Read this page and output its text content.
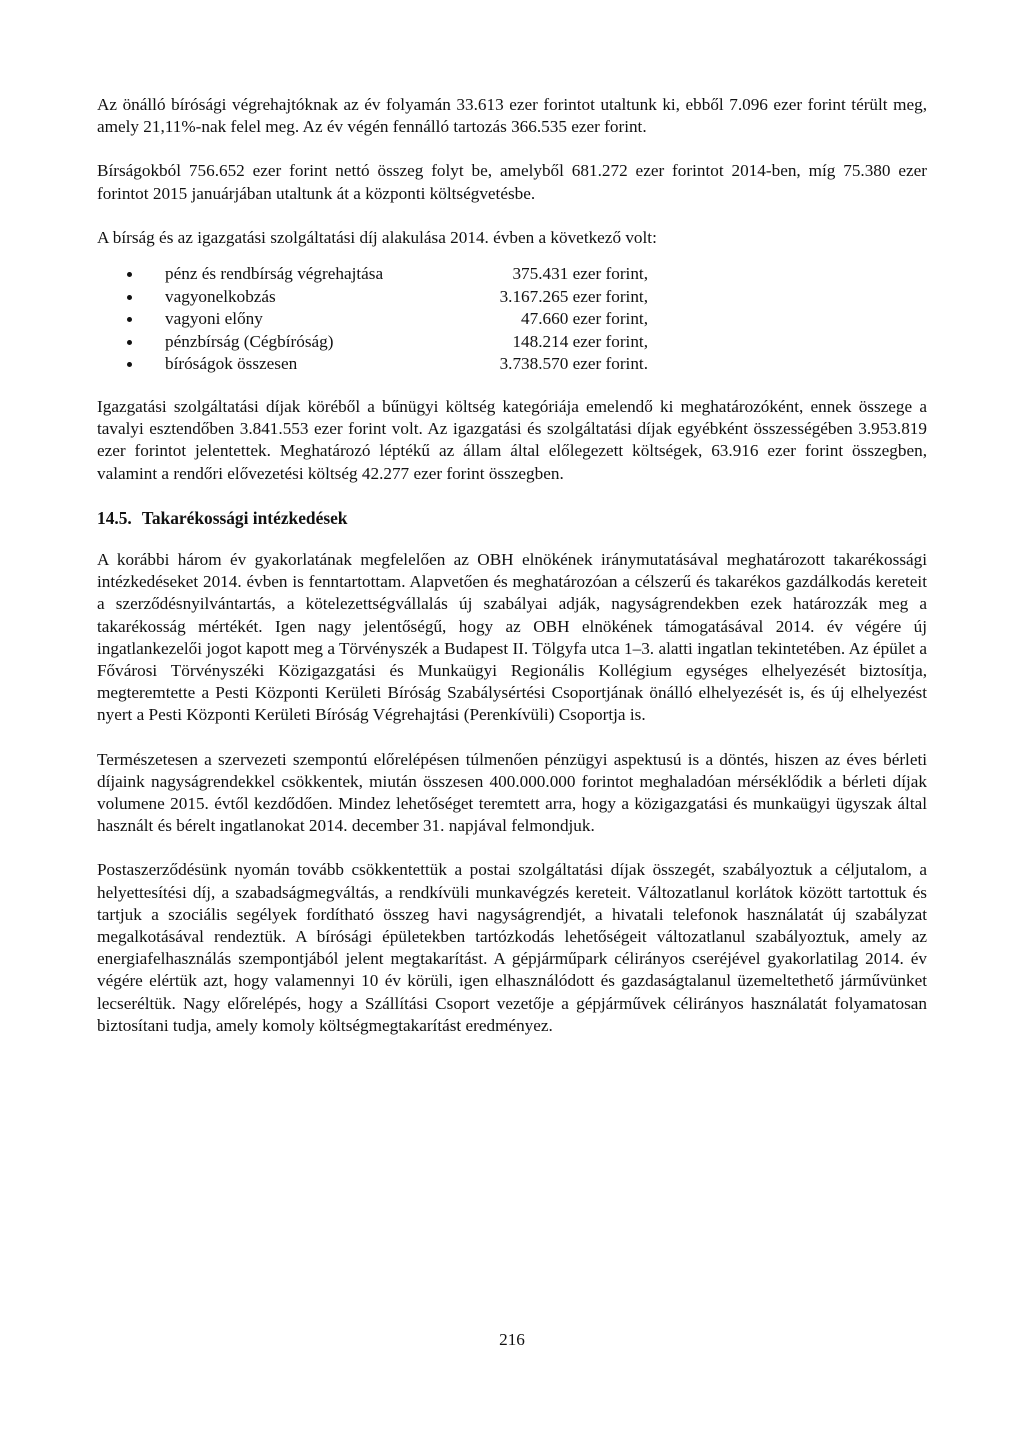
Az önálló bírósági végrehajtóknak az év folyamán 33.613 ezer forintot utaltunk ki, ebből 7.096 ezer forint térült meg, amely 21,11%-nak felel meg. Az év végén fennálló tartozás 366.535 ezer forint.

Bírságokból 756.652 ezer forint nettó összeg folyt be, amelyből 681.272 ezer forintot 2014-ben, míg 75.380 ezer forintot 2015 januárjában utaltunk át a központi költségvetésbe.

A bírság és az igazgatási szolgáltatási díj alakulása 2014. évben a következő volt:

pénz és rendbírság végrehajtása	375.431 ezer forint,
vagyonelkobzás	3.167.265 ezer forint,
vagyoni előny	47.660 ezer forint,
pénzbírság (Cégbíróság)	148.214 ezer forint,
bíróságok összesen	3.738.570 ezer forint.

Igazgatási szolgáltatási díjak köréből a bűnügyi költség kategóriája emelendő ki meghatározóként, ennek összege a tavalyi esztendőben 3.841.553 ezer forint volt. Az igazgatási és szolgáltatási díjak egyébként összességében 3.953.819 ezer forintot jelentettek. Meghatározó léptékű az állam által előlegezett költségek, 63.916 ezer forint összegben, valamint a rendőri elővezetési költség 42.277 ezer forint összegben.

14.5. Takarékossági intézkedések

A korábbi három év gyakorlatának megfelelően az OBH elnökének iránymutatásával meghatározott takarékossági intézkedéseket 2014. évben is fenntartottam. Alapvetően és meghatározóan a célszerű és takarékos gazdálkodás kereteit a szerződésnyilvántartás, a kötelezettségvállalás új szabályai adják, nagyságrendekben ezek határozzák meg a takarékosság mértékét. Igen nagy jelentőségű, hogy az OBH elnökének támogatásával 2014. év végére új ingatlankezelői jogot kapott meg a Törvényszék a Budapest II. Tölgyfa utca 1–3. alatti ingatlan tekintetében. Az épület a Fővárosi Törvényszéki Közigazgatási és Munkaügyi Regionális Kollégium egységes elhelyezését biztosítja, megteremtette a Pesti Központi Kerületi Bíróság Szabálysértési Csoportjának önálló elhelyezését is, és új elhelyezést nyert a Pesti Központi Kerületi Bíróság Végrehajtási (Perenkívüli) Csoportja is.

Természetesen a szervezeti szempontú előrelépésen túlmenően pénzügyi aspektusú is a döntés, hiszen az éves bérleti díjaink nagyságrendekkel csökkentek, miután összesen 400.000.000 forintot meghaladóan mérséklődik a bérleti díjak volumene 2015. évtől kezdődően. Mindez lehetőséget teremtett arra, hogy a közigazgatási és munkaügyi ügyszak által használt és bérelt ingatlanokat 2014. december 31. napjával felmondjuk.

Postaszerződésünk nyomán tovább csökkentettük a postai szolgáltatási díjak összegét, szabályoztuk a céljutalom, a helyettesítési díj, a szabadságmegváltás, a rendkívüli munkavégzés kereteit. Változatlanul korlátok között tartottuk és tartjuk a szociális segélyek fordítható összeg havi nagyságrendjét, a hivatali telefonok használatát új szabályzat megalkotásával rendeztük. A bírósági épületekben tartózkodás lehetőségeit változatlanul szabályoztuk, amely az energiafelhasználás szempontjából jelent megtakarítást. A gépjárműpark célirányos cseréjével gyakorlatilag 2014. év végére elértük azt, hogy valamennyi 10 év körüli, igen elhasználódott és gazdaságtalanul üzemeltethető járművünket lecseréltük. Nagy előrelépés, hogy a Szállítási Csoport vezetője a gépjárművek célirányos használatát folyamatosan biztosítani tudja, amely komoly költségmegtakarítást eredményez.

216
